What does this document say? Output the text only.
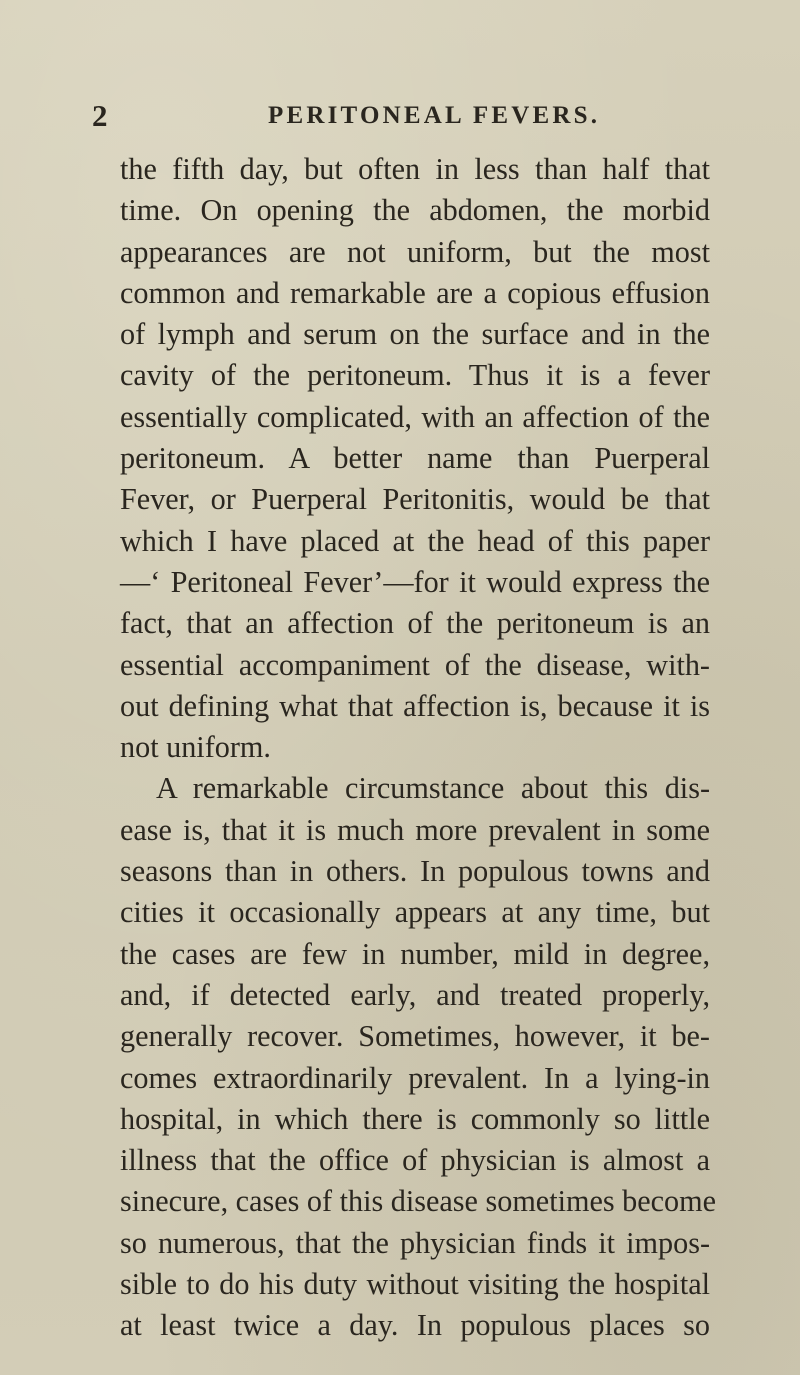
2	PERITONEAL FEVERS.
the fifth day, but often in less than half that
time. On opening the abdomen, the morbid
appearances are not uniform, but the most
common and remarkable are a copious effusion
of lymph and serum on the surface and in the
cavity of the peritoneum. Thus it is a fever
essentially complicated, with an affection of the
peritoneum. A better name than Puerperal
Fever, or Puerperal Peritonitis, would be that
which I have placed at the head of this paper
—‘ Peritoneal Fever’—for it would express the
fact, that an affection of the peritoneum is an
essential accompaniment of the disease, with-
out defining what that affection is, because it is
not uniform.
A remarkable circumstance about this dis-
ease is, that it is much more prevalent in some
seasons than in others. In populous towns and
cities it occasionally appears at any time, but
the cases are few in number, mild in degree,
and, if detected early, and treated properly,
generally recover. Sometimes, however, it be-
comes extraordinarily prevalent. In a lying-in
hospital, in which there is commonly so little
illness that the office of physician is almost a
sinecure, cases of this disease sometimes become
so numerous, that the physician finds it impos-
sible to do his duty without visiting the hospital
at least twice a day. In populous places so
